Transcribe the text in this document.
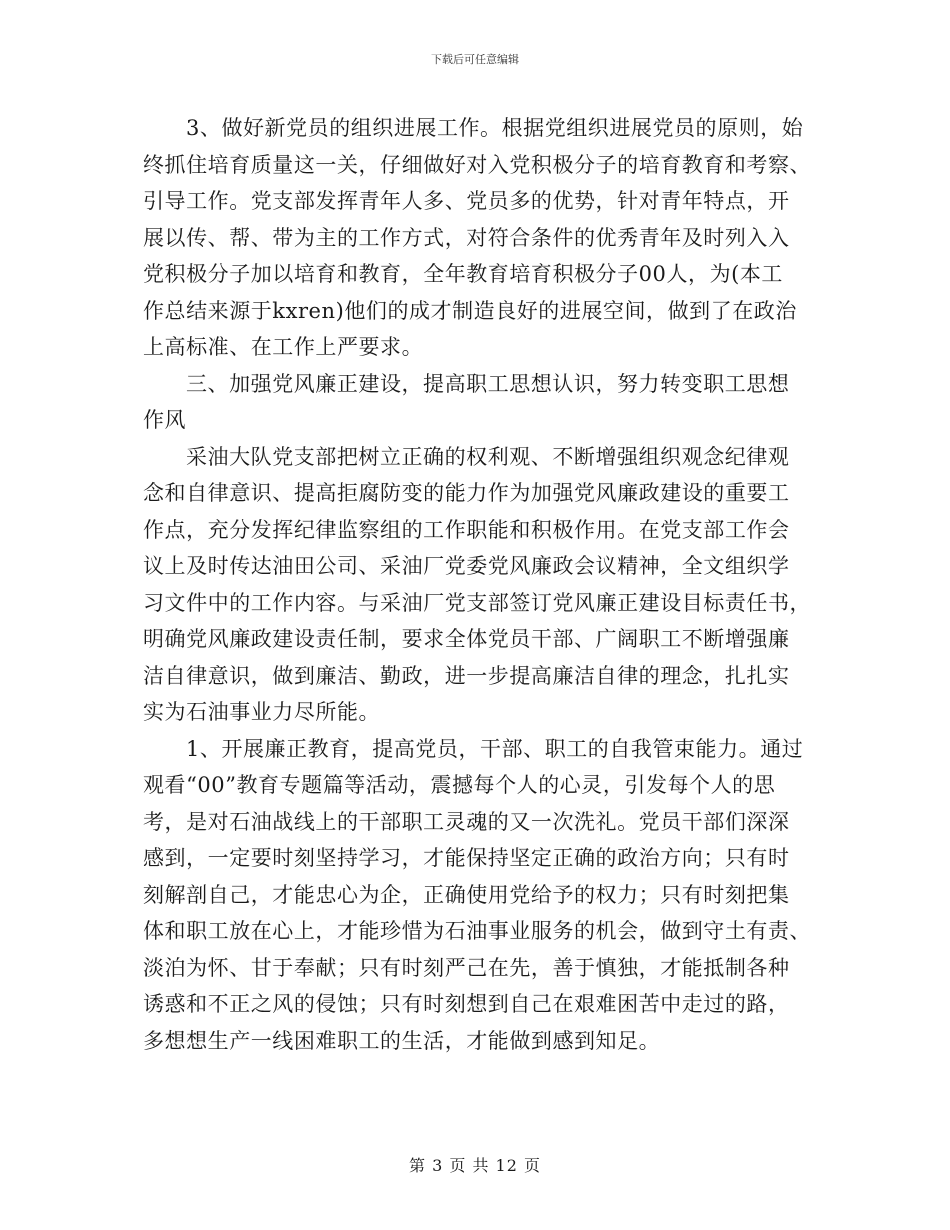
下载后可任意编辑
3、做好新党员的组织进展工作。根据党组织进展党员的原则，始
终抓住培育质量这一关，仔细做好对入党积极分子的培育教育和考察、
引导工作。党支部发挥青年人多、党员多的优势，针对青年特点，开
展以传、帮、带为主的工作方式，对符合条件的优秀青年及时列入入
党积极分子加以培育和教育，全年教育培育积极分子00人，为(本工
作总结来源于kxren)他们的成才制造良好的进展空间，做到了在政治
上高标准、在工作上严要求。
三、加强党风廉正建设，提高职工思想认识，努力转变职工思想
作风
采油大队党支部把树立正确的权利观、不断增强组织观念纪律观
念和自律意识、提高拒腐防变的能力作为加强党风廉政建设的重要工
作点，充分发挥纪律监察组的工作职能和积极作用。在党支部工作会
议上及时传达油田公司、采油厂党委党风廉政会议精神，全文组织学
习文件中的工作内容。与采油厂党支部签订党风廉正建设目标责任书，
明确党风廉政建设责任制，要求全体党员干部、广阔职工不断增强廉
洁自律意识，做到廉洁、勤政，进一步提高廉洁自律的理念，扎扎实
实为石油事业力尽所能。
1、开展廉正教育，提高党员，干部、职工的自我管束能力。通过
观看“00”教育专题篇等活动，震撼每个人的心灵，引发每个人的思
考，是对石油战线上的干部职工灵魂的又一次洗礼。党员干部们深深
感到，一定要时刻坚持学习，才能保持坚定正确的政治方向；只有时
刻解剖自己，才能忠心为企，正确使用党给予的权力；只有时刻把集
体和职工放在心上，才能珍惜为石油事业服务的机会，做到守土有责、
淡泊为怀、甘于奉献；只有时刻严己在先，善于慎独，才能抵制各种
诱惑和不正之风的侵蚀；只有时刻想到自己在艰难困苦中走过的路，
多想想生产一线困难职工的生活，才能做到感到知足。
第 3 页 共 12 页
